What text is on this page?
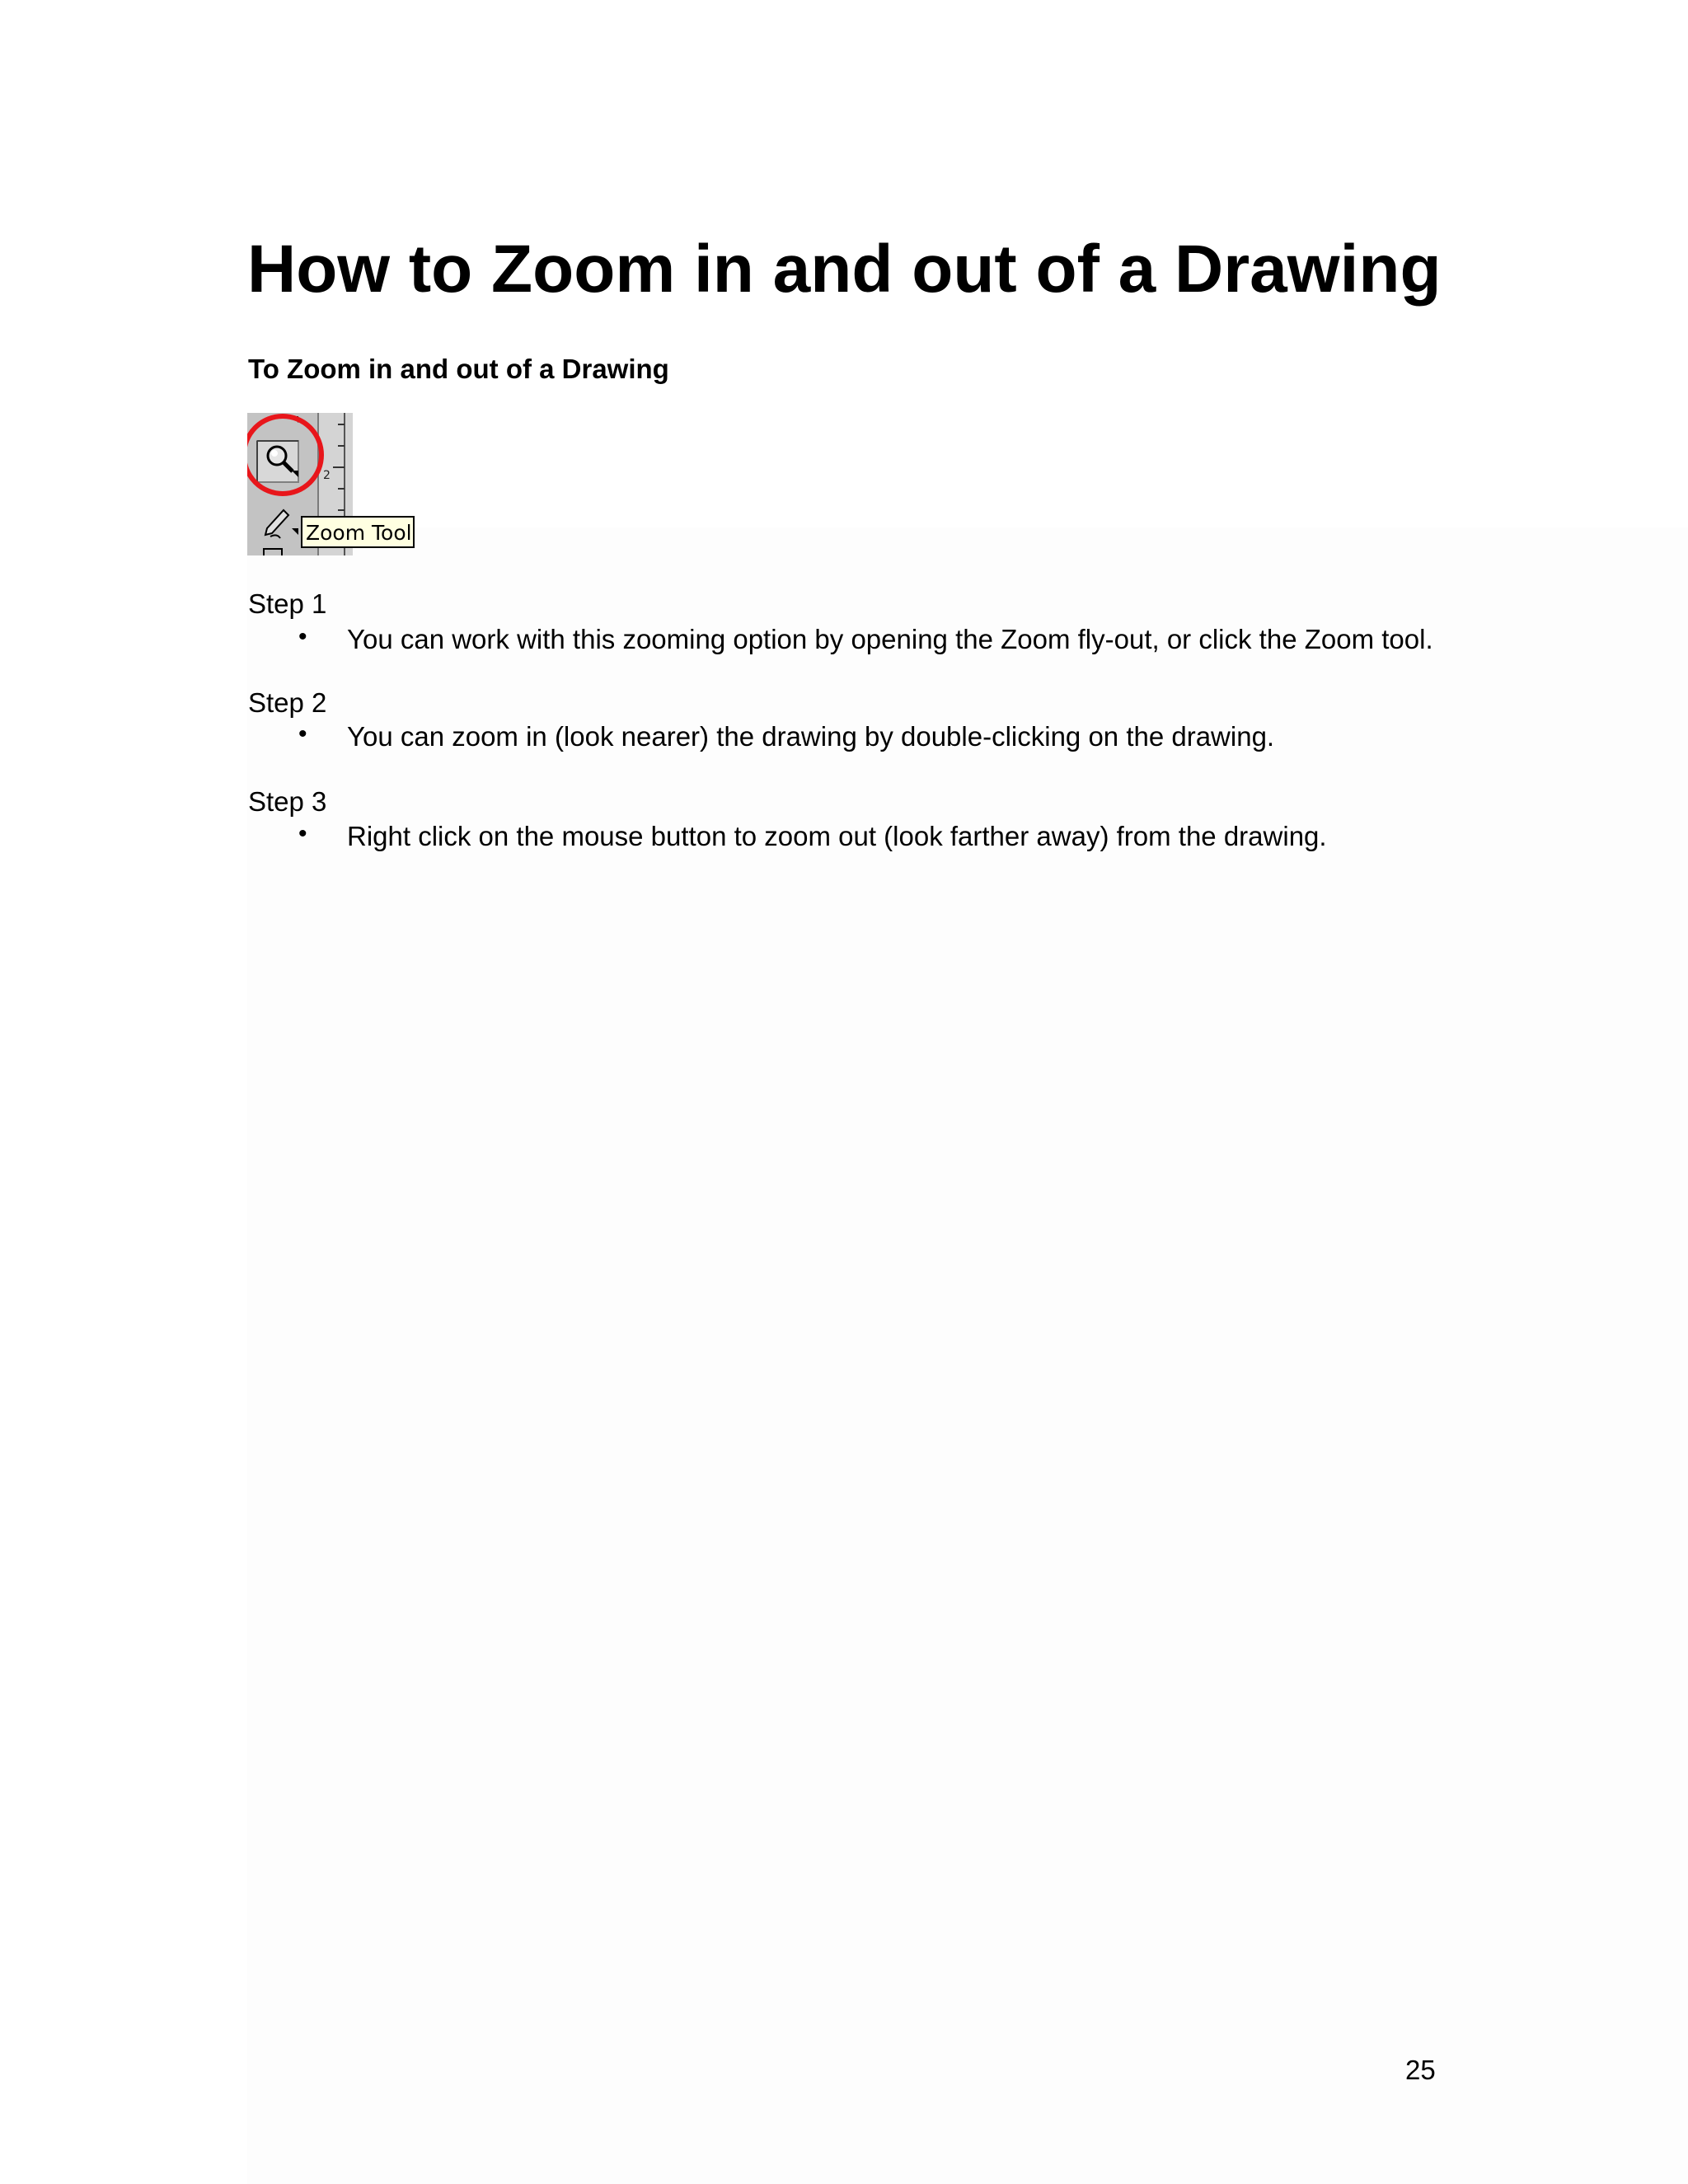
How to Zoom in and out of a Drawing
To Zoom in and out of a Drawing
2
Zoom Tool

Step 1

• You can work with this zooming option by opening the Zoom fly-out, or click the Zoom tool.

Step 2

• You can zoom in (look nearer) the drawing by double-clicking on the drawing.

Step 3

• Right click on the mouse button to zoom out (look farther away) from the drawing.

25
